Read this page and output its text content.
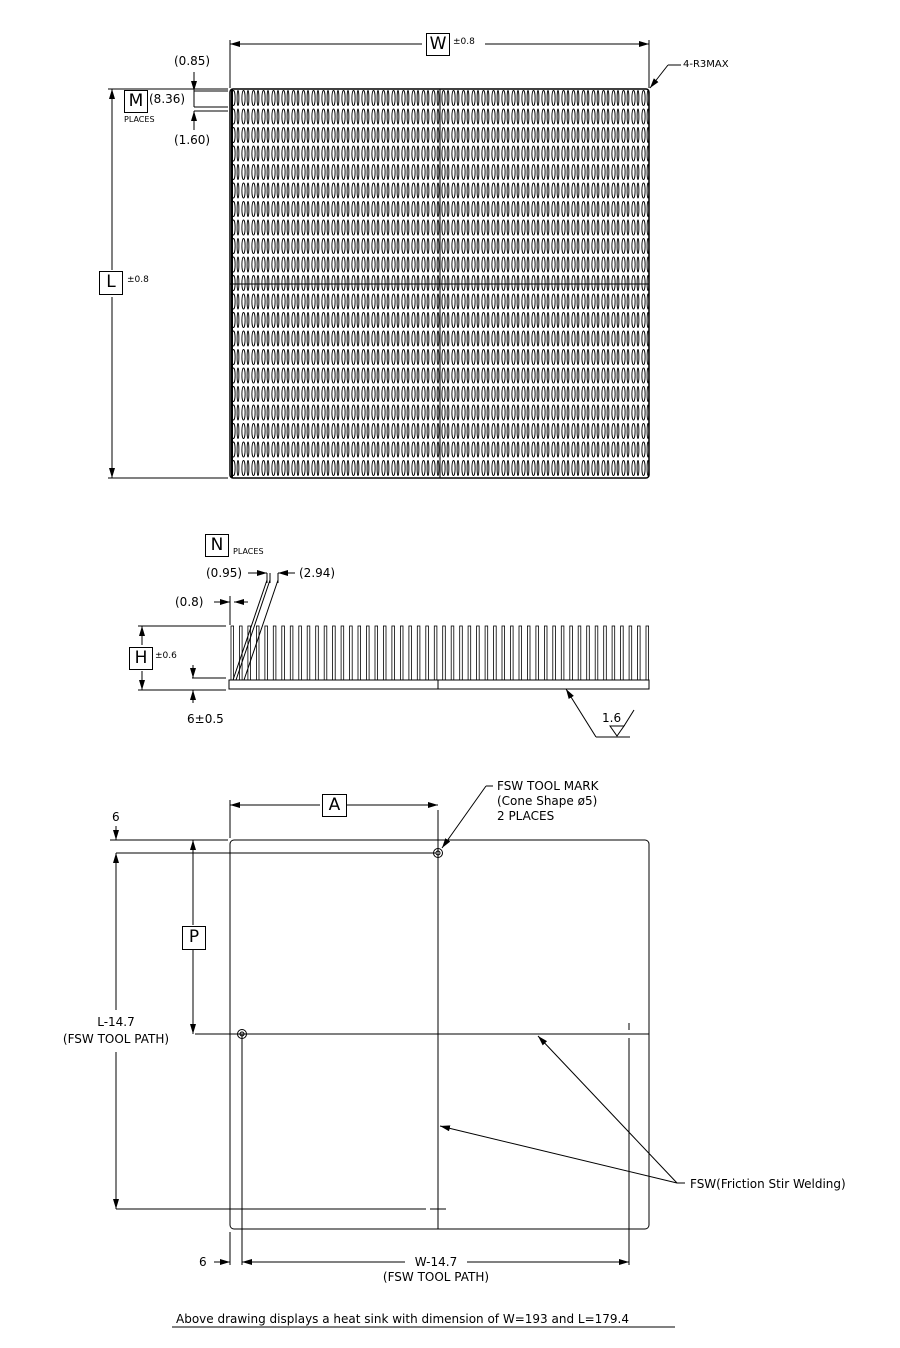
W ±0.8
4-R3MAX
L	±0.8
M
PLACES
(0.85)
(8.36)
(1.60)
N	PLACES
(0.95)	(2.94)
(0.8)
H ±0.6
6±0.5	1.6
A
P
6
6
FSW TOOL MARK
(Cone Shape ø5)
2 PLACES
L-14.7
(FSW TOOL PATH)
W-14.7
(FSW TOOL PATH)
FSW(Friction Stir Welding)
Above drawing displays a heat sink with dimension of W=193 and L=179.4
